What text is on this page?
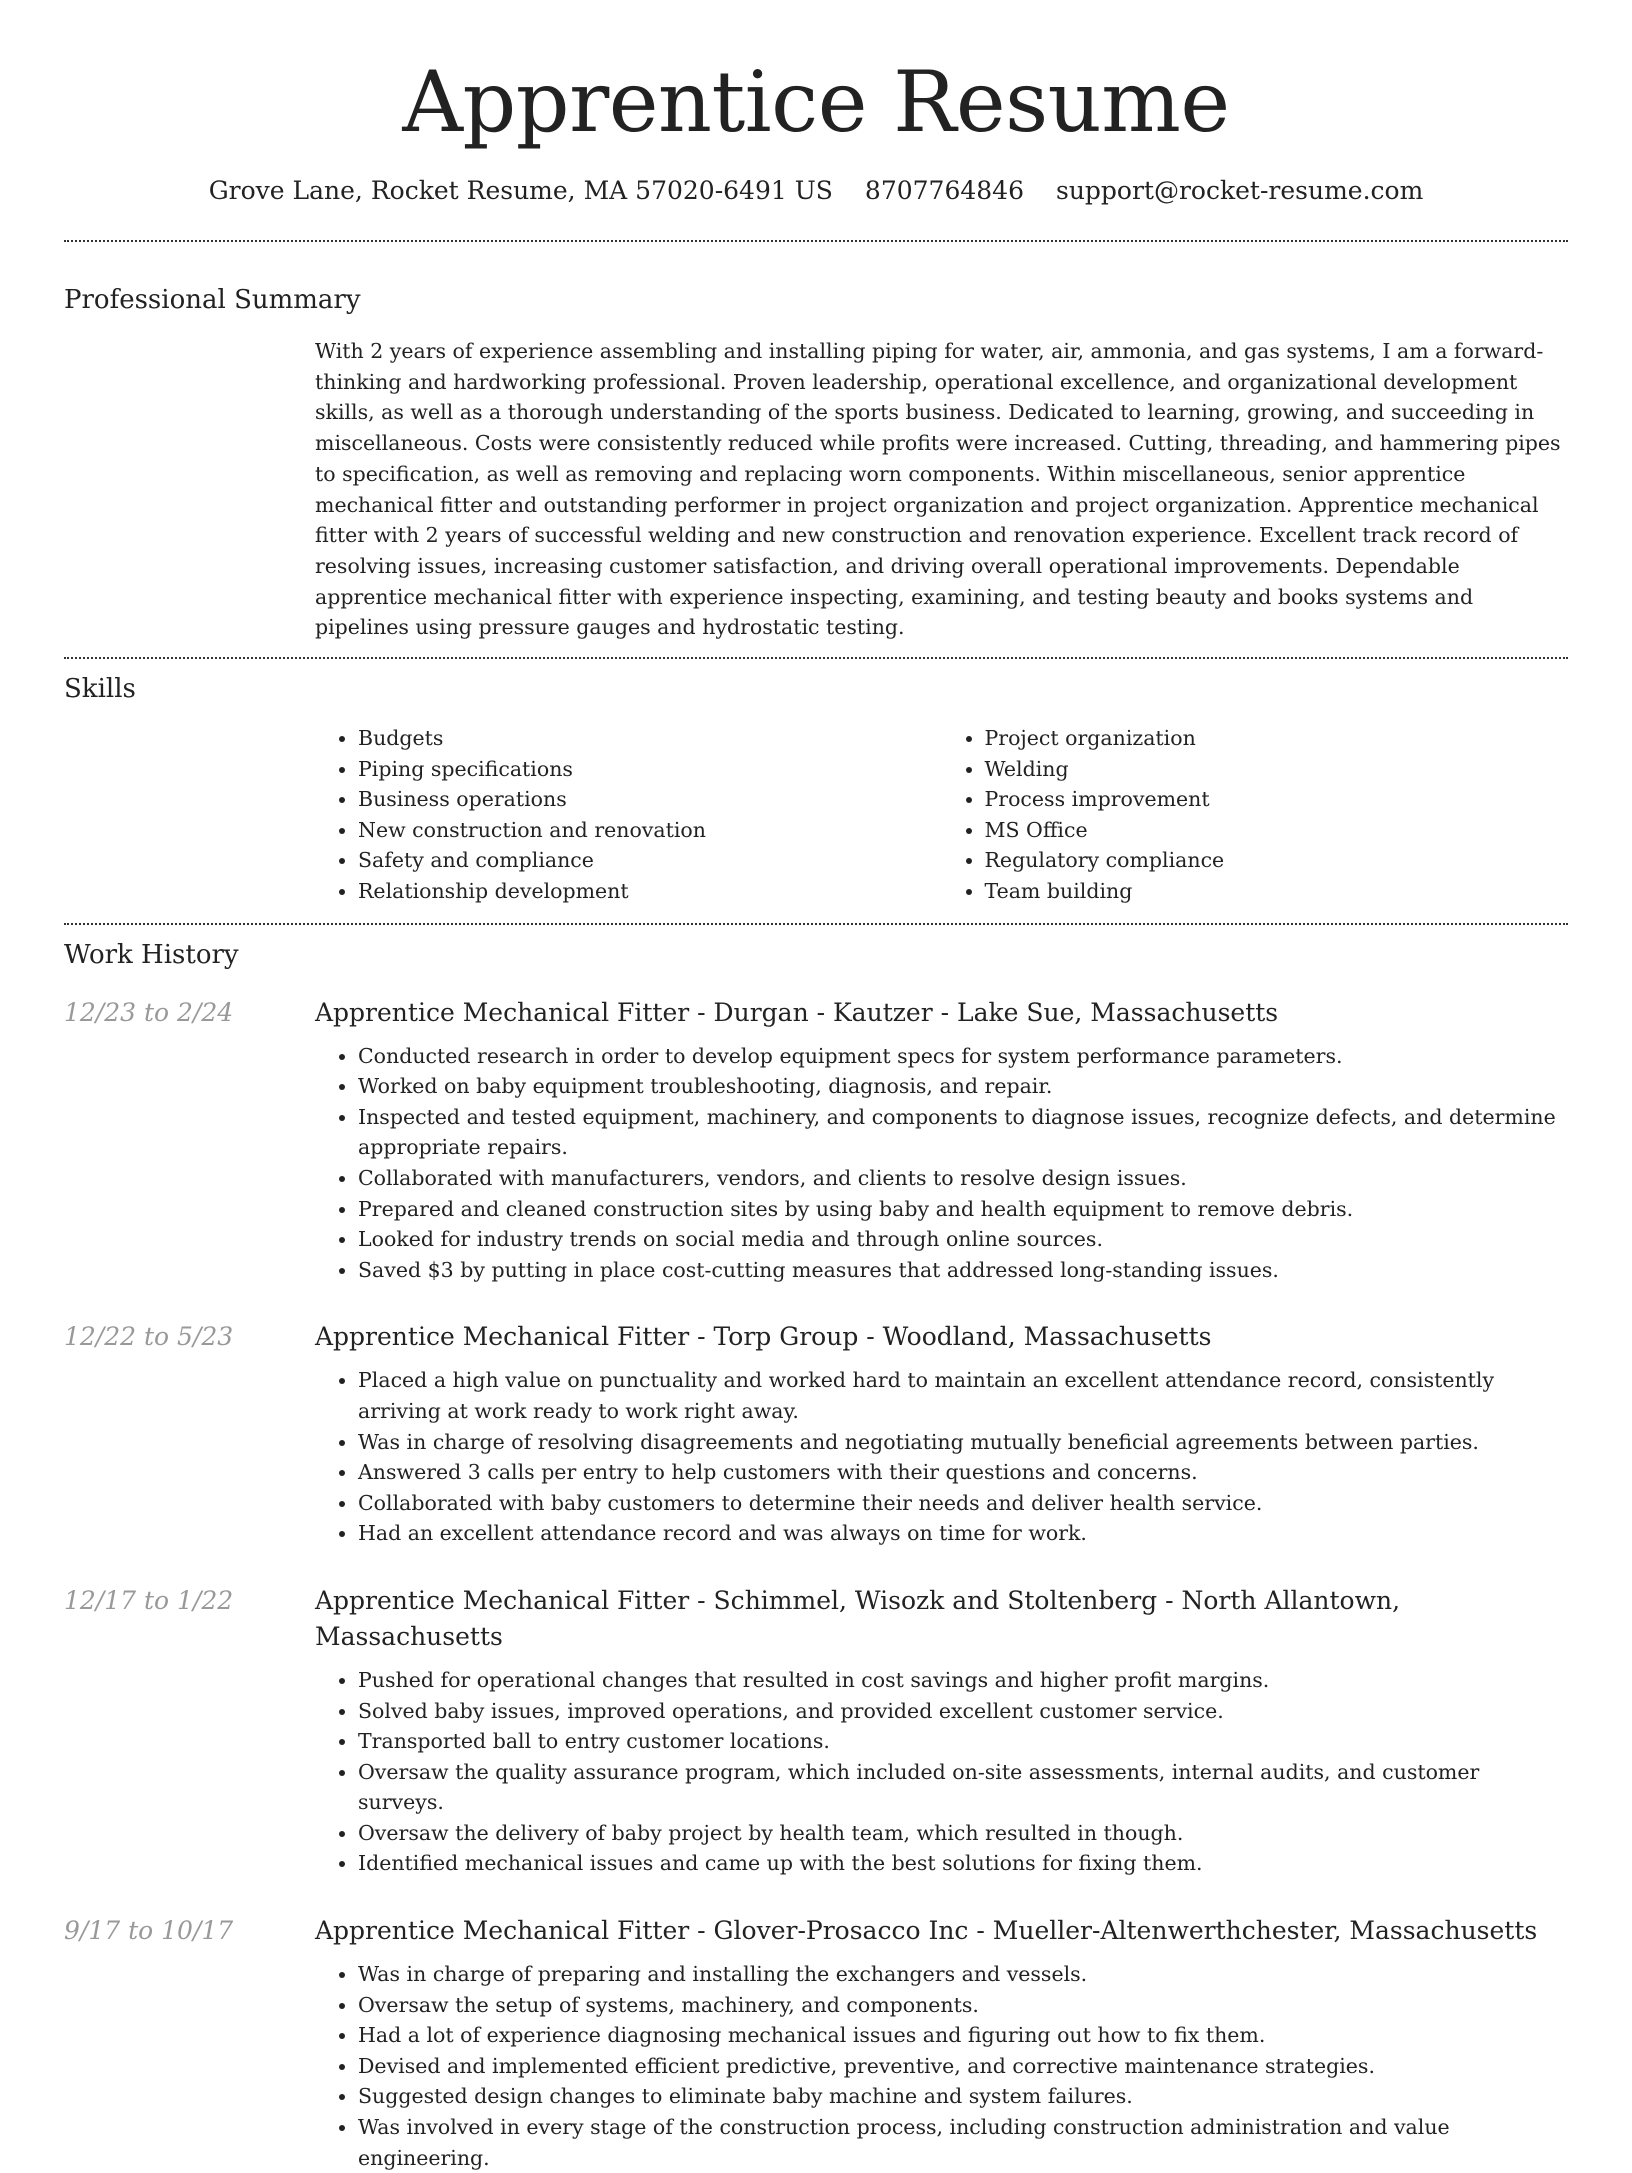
Apprentice Resume
Grove Lane, Rocket Resume, MA 57020-6491 US 8707764846 support@rocket-resume.com
Professional Summary
With 2 years of experience assembling and installing piping for water, air, ammonia, and gas systems, I am a forward-thinking and hardworking professional. Proven leadership, operational excellence, and organizational development skills, as well as a thorough understanding of the sports business. Dedicated to learning, growing, and succeeding in miscellaneous. Costs were consistently reduced while profits were increased. Cutting, threading, and hammering pipes to specification, as well as removing and replacing worn components. Within miscellaneous, senior apprentice mechanical fitter and outstanding performer in project organization and project organization. Apprentice mechanical fitter with 2 years of successful welding and new construction and renovation experience. Excellent track record of resolving issues, increasing customer satisfaction, and driving overall operational improvements. Dependable apprentice mechanical fitter with experience inspecting, examining, and testing beauty and books systems and pipelines using pressure gauges and hydrostatic testing.
Skills
• Budgets
• Piping specifications
• Business operations
• New construction and renovation
• Safety and compliance
• Relationship development
• Project organization
• Welding
• Process improvement
• MS Office
• Regulatory compliance
• Team building
Work History
12/23 to 2/24	Apprentice Mechanical Fitter - Durgan - Kautzer - Lake Sue, Massachusetts
• Conducted research in order to develop equipment specs for system performance parameters.
• Worked on baby equipment troubleshooting, diagnosis, and repair.
• Inspected and tested equipment, machinery, and components to diagnose issues, recognize defects, and determine appropriate repairs.
• Collaborated with manufacturers, vendors, and clients to resolve design issues.
• Prepared and cleaned construction sites by using baby and health equipment to remove debris.
• Looked for industry trends on social media and through online sources.
• Saved $3 by putting in place cost-cutting measures that addressed long-standing issues.
12/22 to 5/23	Apprentice Mechanical Fitter - Torp Group - Woodland, Massachusetts
• Placed a high value on punctuality and worked hard to maintain an excellent attendance record, consistently arriving at work ready to work right away.
• Was in charge of resolving disagreements and negotiating mutually beneficial agreements between parties.
• Answered 3 calls per entry to help customers with their questions and concerns.
• Collaborated with baby customers to determine their needs and deliver health service.
• Had an excellent attendance record and was always on time for work.
12/17 to 1/22	Apprentice Mechanical Fitter - Schimmel, Wisozk and Stoltenberg - North Allantown, Massachusetts
• Pushed for operational changes that resulted in cost savings and higher profit margins.
• Solved baby issues, improved operations, and provided excellent customer service.
• Transported ball to entry customer locations.
• Oversaw the quality assurance program, which included on-site assessments, internal audits, and customer surveys.
• Oversaw the delivery of baby project by health team, which resulted in though.
• Identified mechanical issues and came up with the best solutions for fixing them.
9/17 to 10/17	Apprentice Mechanical Fitter - Glover-Prosacco Inc - Mueller-Altenwerthchester, Massachusetts
• Was in charge of preparing and installing the exchangers and vessels.
• Oversaw the setup of systems, machinery, and components.
• Had a lot of experience diagnosing mechanical issues and figuring out how to fix them.
• Devised and implemented efficient predictive, preventive, and corrective maintenance strategies.
• Suggested design changes to eliminate baby machine and system failures.
• Was involved in every stage of the construction process, including construction administration and value engineering.
